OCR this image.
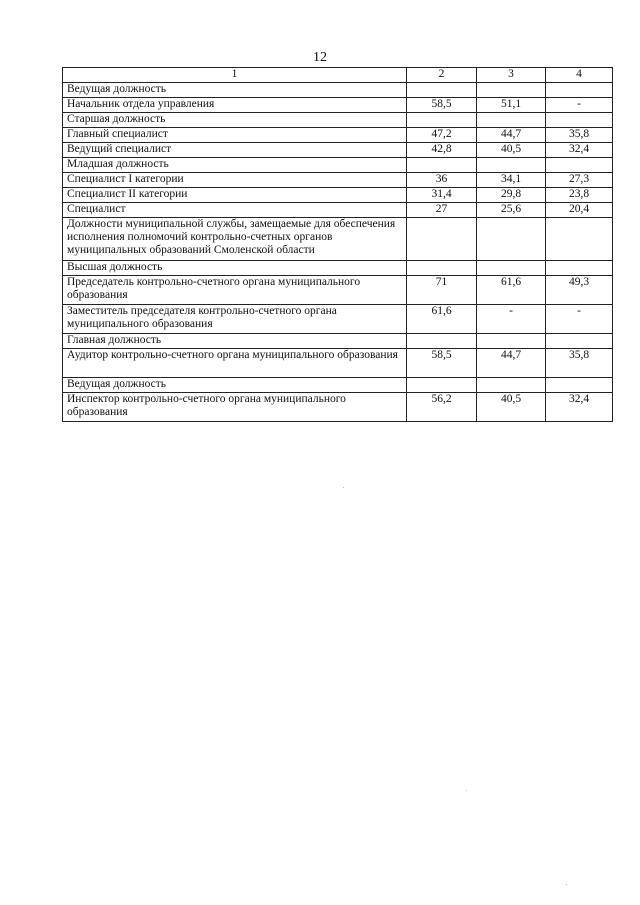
12
1	2	3	4
Ведущая должность			
Начальник отдела управления	58,5	51,1	-
Старшая должность			
Главный специалист	47,2	44,7	35,8
Ведущий специалист	42,8	40,5	32,4
Младшая должность			
Специалист I категории	36	34,1	27,3
Специалист II категории	31,4	29,8	23,8
Специалист	27	25,6	20,4
Должности муниципальной службы, замещаемые для обеспечения исполнения полномочий контрольно-счетных органов муниципальных образований Смоленской области			
Высшая должность			
Председатель контрольно-счетного органа муниципального образования	71	61,6	49,3
Заместитель председателя контрольно-счетного органа муниципального образования	61,6	-	-
Главная должность			
Аудитор контрольно-счетного органа муниципального образования	58,5	44,7	35,8
Ведущая должность			
Инспектор контрольно-счетного органа муниципального образования	56,2	40,5	32,4
